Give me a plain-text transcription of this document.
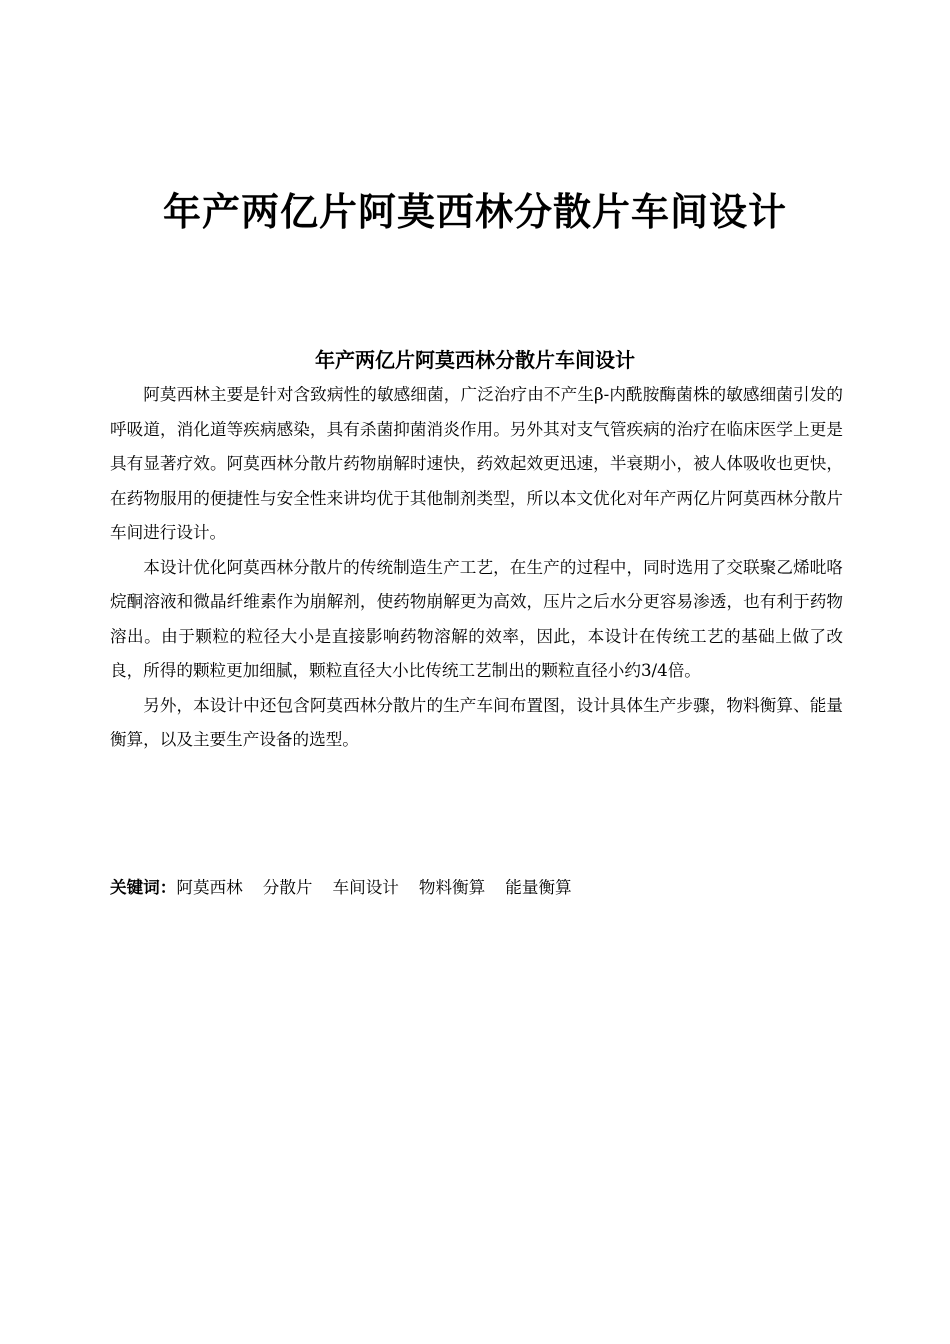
年产两亿片阿莫西林分散片车间设计
年产两亿片阿莫西林分散片车间设计

阿莫西林主要是针对含致病性的敏感细菌，广泛治疗由不产生β-内酰胺酶菌株的敏感细菌引发的呼吸道，消化道等疾病感染，具有杀菌抑菌消炎作用。另外其对支气管疾病的治疗在临床医学上更是具有显著疗效。阿莫西林分散片药物崩解时速快，药效起效更迅速，半衰期小，被人体吸收也更快，在药物服用的便捷性与安全性来讲均优于其他制剂类型，所以本文优化对年产两亿片阿莫西林分散片车间进行设计。

本设计优化阿莫西林分散片的传统制造生产工艺，在生产的过程中，同时选用了交联聚乙烯吡咯烷酮溶液和微晶纤维素作为崩解剂，使药物崩解更为高效，压片之后水分更容易渗透，也有利于药物溶出。由于颗粒的粒径大小是直接影响药物溶解的效率，因此，本设计在传统工艺的基础上做了改良，所得的颗粒更加细腻，颗粒直径大小比传统工艺制出的颗粒直径小约3/4倍。

另外，本设计中还包含阿莫西林分散片的生产车间布置图，设计具体生产步骤，物料衡算、能量衡算，以及主要生产设备的选型。

关键词：阿莫西林 分散片 车间设计 物料衡算 能量衡算
